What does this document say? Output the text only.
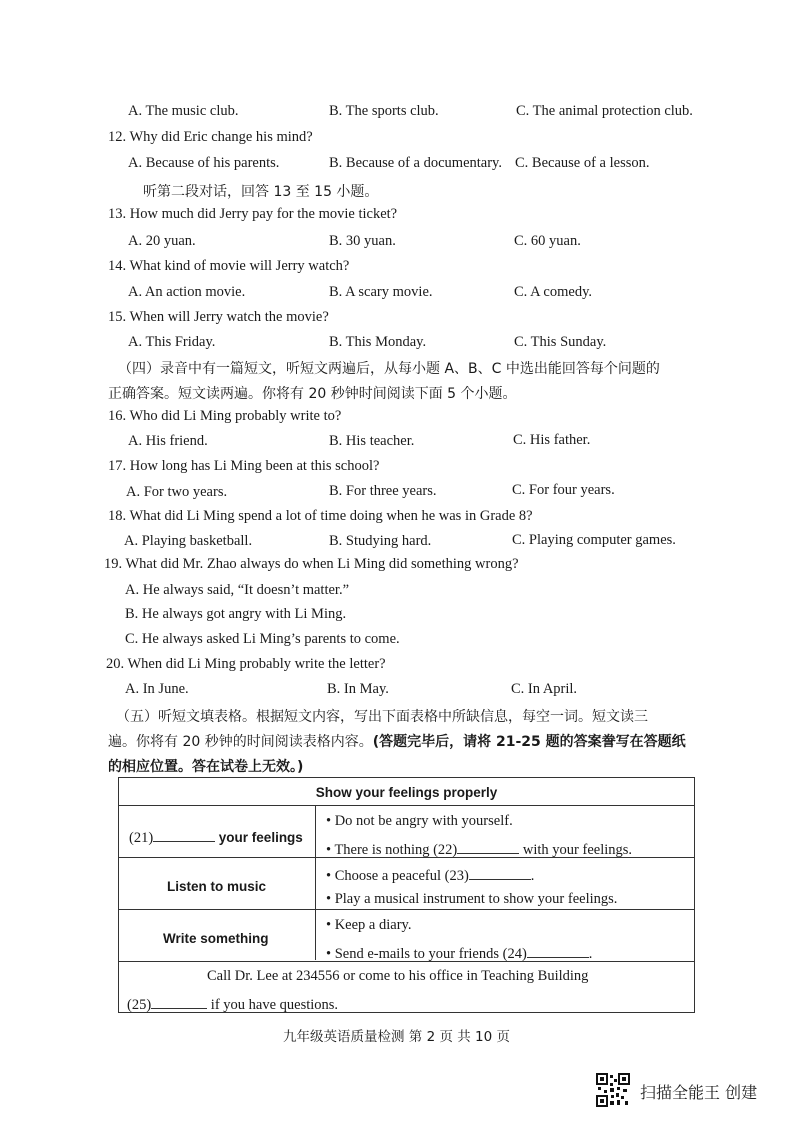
A. The music club.	B. The sports club.	C. The animal protection club.
12. Why did Eric change his mind?
A. Because of his parents.	B. Because of a documentary. C. Because of a lesson.
听第二段对话，回答 13 至 15 小题。
13. How much did Jerry pay for the movie ticket?
A. 20 yuan.	B. 30 yuan.	C. 60 yuan.
14. What kind of movie will Jerry watch?
A. An action movie.	B. A scary movie.	C. A comedy.
15. When will Jerry watch the movie?
A. This Friday.	B. This Monday.	C. This Sunday.
（四）录音中有一篇短文，听短文两遍后，从每小题 A、B、C 中选出能回答每个问题的
正确答案。短文读两遍。你将有 20 秒钟时间阅读下面 5 个小题。
16. Who did Li Ming probably write to?
A. His friend.	B. His teacher.	C. His father.
17. How long has Li Ming been at this school?
A. For two years.	B. For three years.	C. For four years.
18. What did Li Ming spend a lot of time doing when he was in Grade 8?
A. Playing basketball.	B. Studying hard.	C. Playing computer games.
19. What did Mr. Zhao always do when Li Ming did something wrong?
A. He always said, “It doesn’t matter.”
B. He always got angry with Li Ming.
C. He always asked Li Ming’s parents to come.
20. When did Li Ming probably write the letter?
A. In June.	B. In May.	C. In April.
（五）听短文填表格。根据短文内容，写出下面表格中所缺信息，每空一词。短文读三
遍。你将有 20 秒钟的时间阅读表格内容。(答题完毕后，请将 21-25 题的答案誊写在答题纸
的相应位置。答在试卷上无效。)
Show your feelings properly
(21)	your feelings
• Do not be angry with yourself.
• There is nothing (22)	with your feelings.
Listen to music
• Choose a peaceful (23)	.
• Play a musical instrument to show your feelings.
Write something
• Keep a diary.
• Send e-mails to your friends (24)	.
Call Dr. Lee at 234556 or come to his office in Teaching Building
(25)	if you have questions.
九年级英语质量检测 第 2 页 共 10 页
扫描全能王 创建
